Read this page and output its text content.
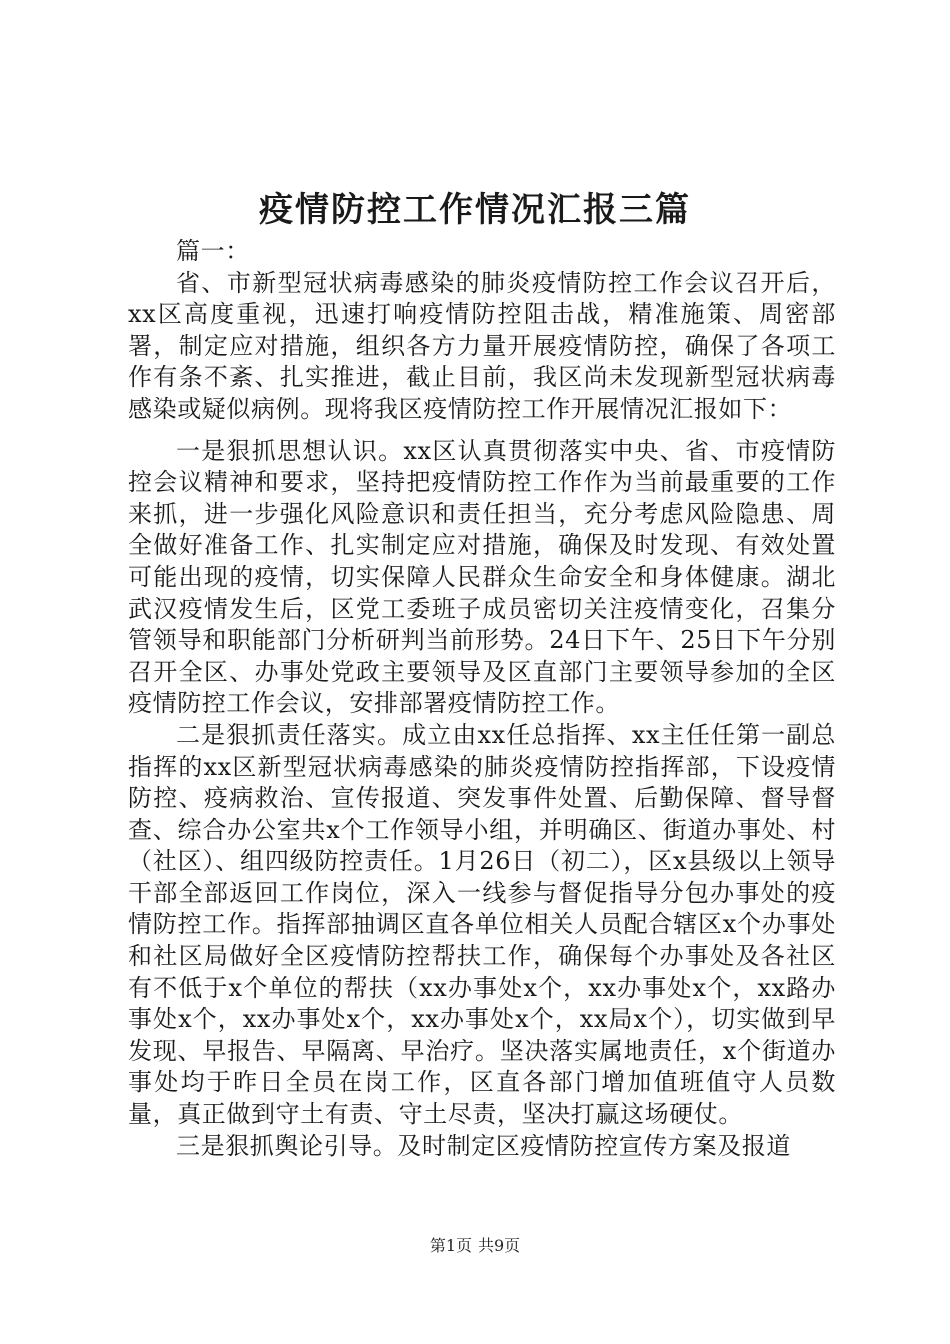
疫情防控工作情况汇报三篇

篇一：

省、市新型冠状病毒感染的肺炎疫情防控工作会议召开后，xx区高度重视，迅速打响疫情防控阻击战，精准施策、周密部署，制定应对措施，组织各方力量开展疫情防控，确保了各项工作有条不紊、扎实推进，截止目前，我区尚未发现新型冠状病毒感染或疑似病例。现将我区疫情防控工作开展情况汇报如下：

一是狠抓思想认识。xx区认真贯彻落实中央、省、市疫情防控会议精神和要求，坚持把疫情防控工作作为当前最重要的工作来抓，进一步强化风险意识和责任担当，充分考虑风险隐患、周全做好准备工作、扎实制定应对措施，确保及时发现、有效处置可能出现的疫情，切实保障人民群众生命安全和身体健康。湖北武汉疫情发生后，区党工委班子成员密切关注疫情变化，召集分管领导和职能部门分析研判当前形势。24日下午、25日下午分别召开全区、办事处党政主要领导及区直部门主要领导参加的全区疫情防控工作会议，安排部署疫情防控工作。

二是狠抓责任落实。成立由xx任总指挥、xx主任任第一副总指挥的xx区新型冠状病毒感染的肺炎疫情防控指挥部，下设疫情防控、疫病救治、宣传报道、突发事件处置、后勤保障、督导督查、综合办公室共x个工作领导小组，并明确区、街道办事处、村（社区）、组四级防控责任。1月26日（初二），区x县级以上领导干部全部返回工作岗位，深入一线参与督促指导分包办事处的疫情防控工作。指挥部抽调区直各单位相关人员配合辖区x个办事处和社区局做好全区疫情防控帮扶工作，确保每个办事处及各社区有不低于x个单位的帮扶（xx办事处x个，xx办事处x个，xx路办事处x个，xx办事处x个，xx办事处x个，xx局x个），切实做到早发现、早报告、早隔离、早治疗。坚决落实属地责任，x个街道办事处均于昨日全员在岗工作，区直各部门增加值班值守人员数量，真正做到守土有责、守土尽责，坚决打赢这场硬仗。

三是狠抓舆论引导。及时制定区疫情防控宣传方案及报道

第1页 共9页
